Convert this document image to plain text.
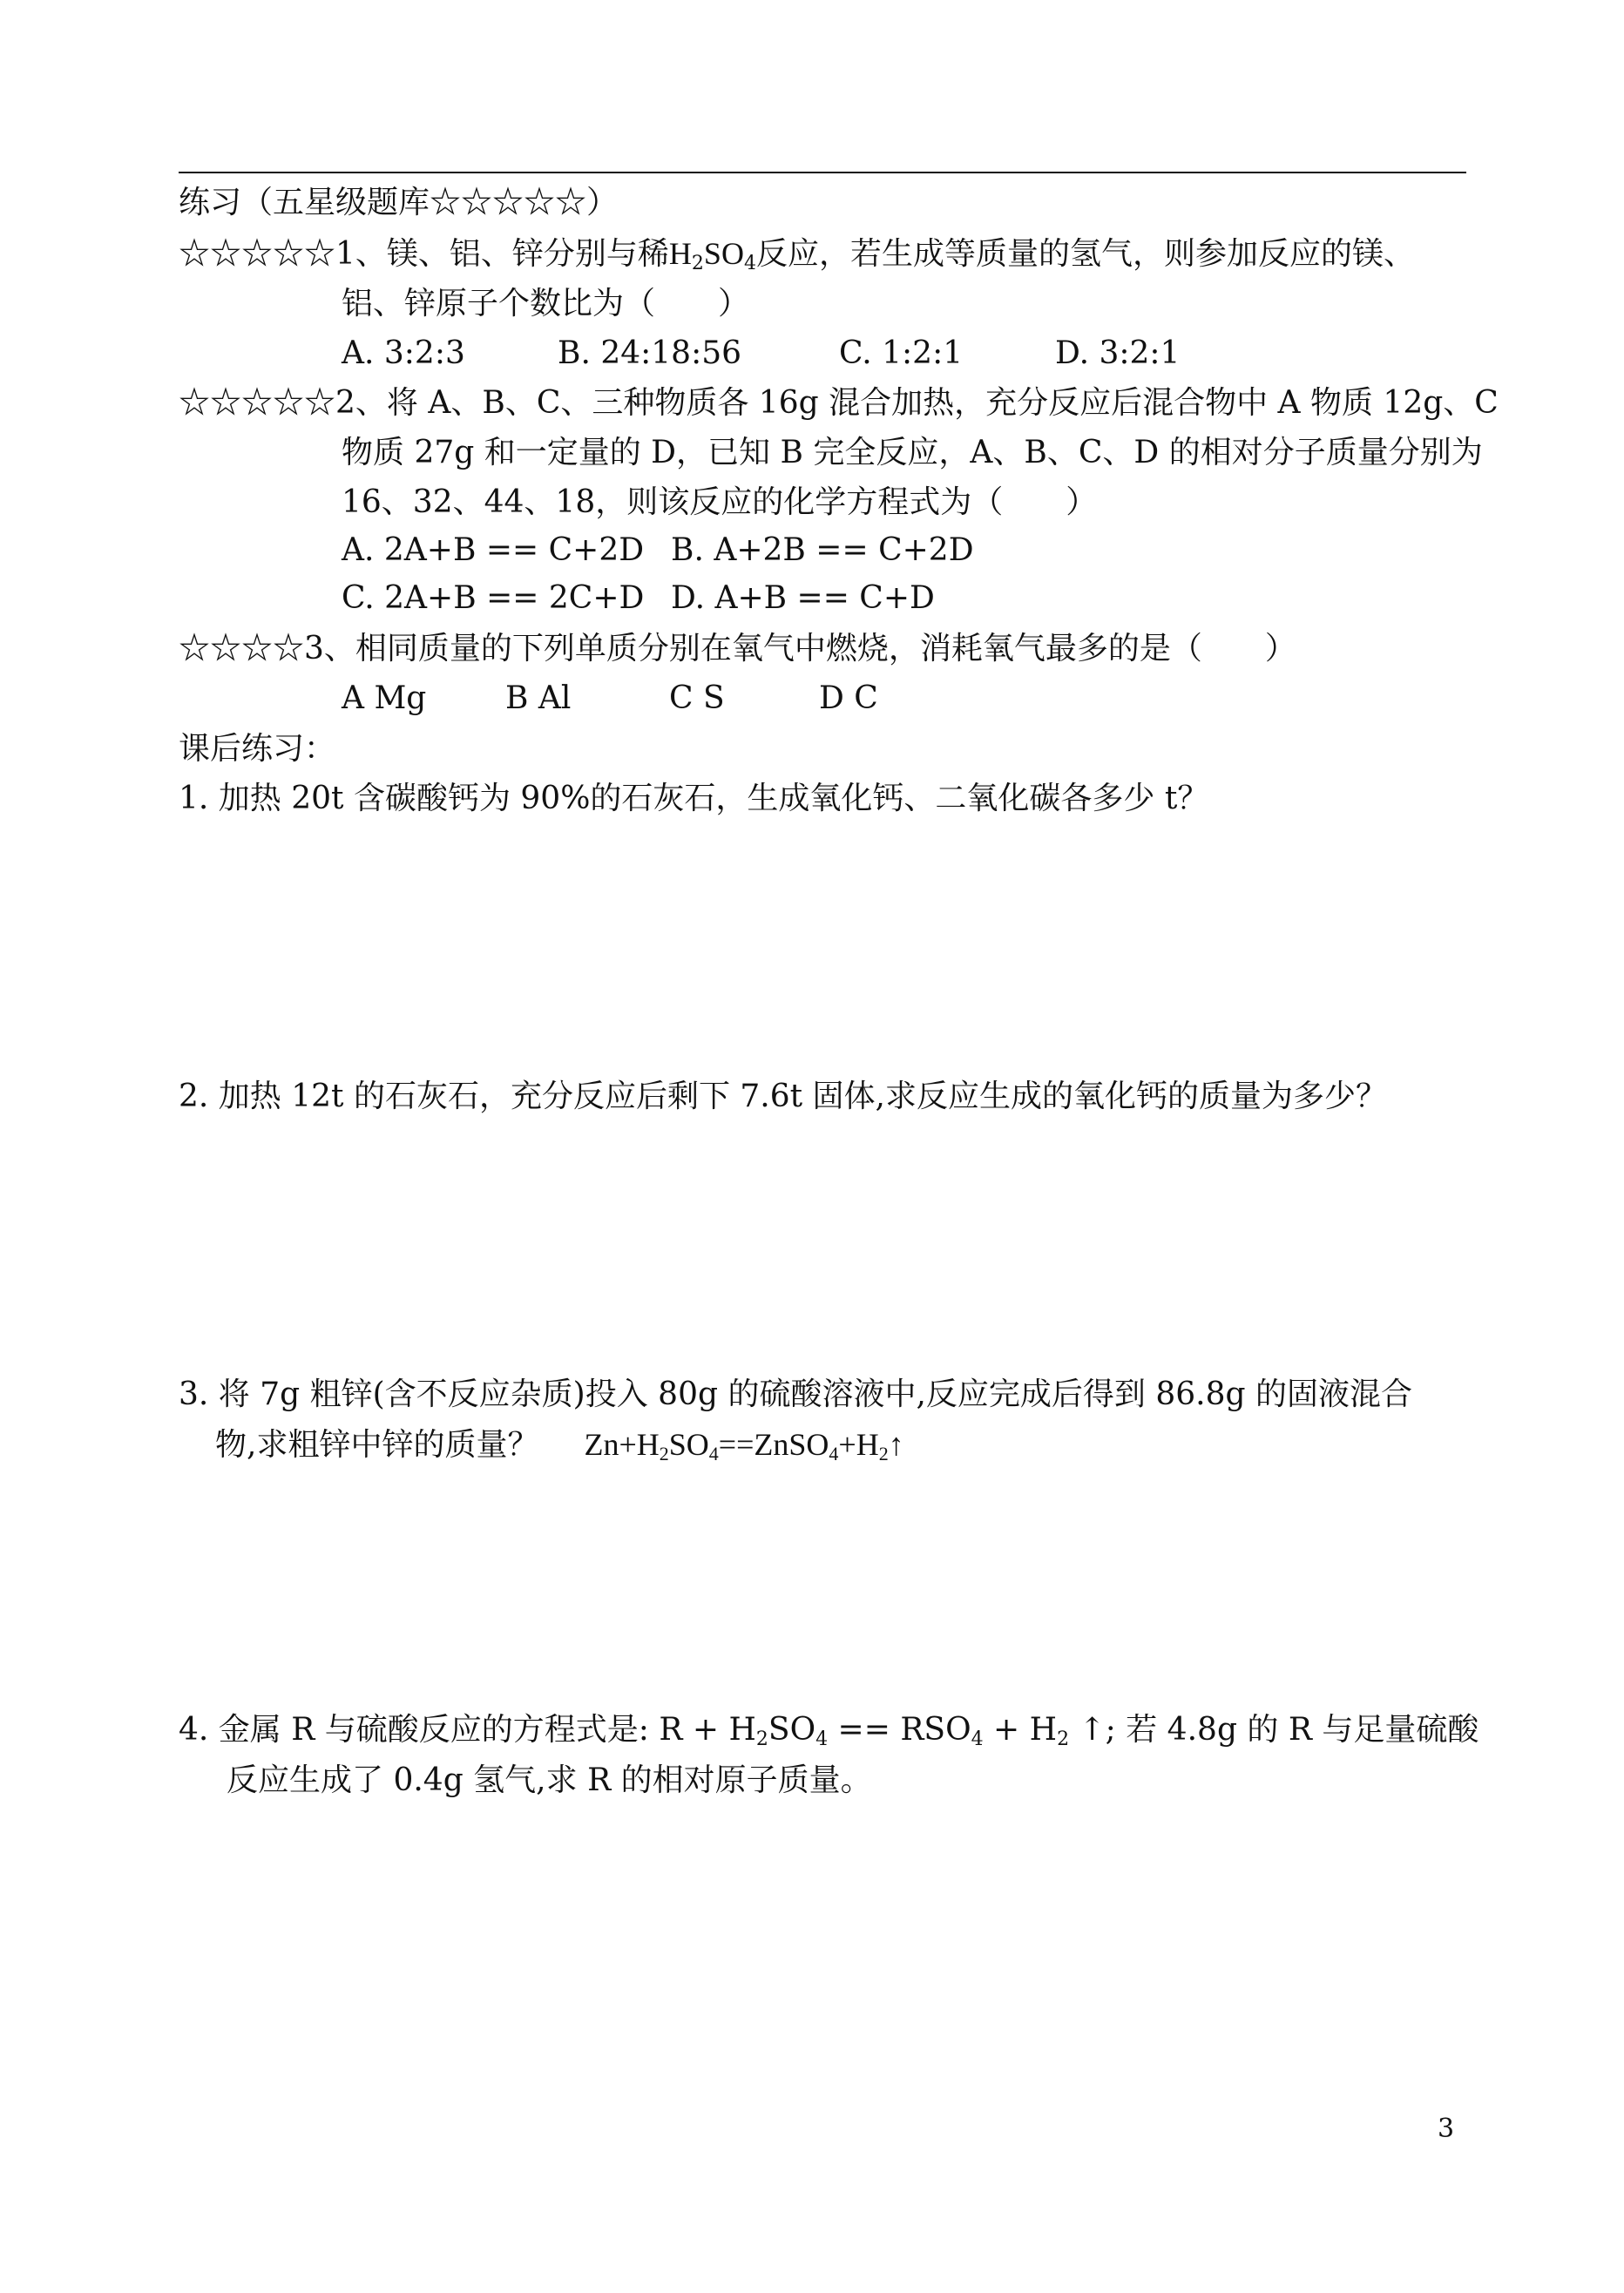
练习（五星级题库☆☆☆☆☆）
☆☆☆☆☆1、镁、铝、锌分别与稀$H_2SO_4$反应，若生成等质量的氢气，则参加反应的镁、
铝、锌原子个数比为（　　）
A. 3:2:3	B. 24:18:56	C. 1:2:1	D. 3:2:1
☆☆☆☆☆2、将 A、B、C、三种物质各 16g 混合加热，充分反应后混合物中 A 物质 12g、C
物质 27g 和一定量的 D，已知 B 完全反应，A、B、C、D 的相对分子质量分别为
16、32、44、18，则该反应的化学方程式为（　　）
A. 2A+B == C+2D B. A+2B == C+2D
C. 2A+B == 2C+D D. A+B == C+D
☆☆☆☆3、相同质量的下列单质分别在氧气中燃烧，消耗氧气最多的是（　　）
A Mg	B Al	C S	D C
课后练习：
1. 加热 20t 含碳酸钙为 90%的石灰石，生成氧化钙、二氧化碳各多少 t？
2. 加热 12t 的石灰石，充分反应后剩下 7.6t 固体,求反应生成的氧化钙的质量为多少？
3. 将 7g 粗锌(含不反应杂质)投入 80g 的硫酸溶液中,反应完成后得到 86.8g 的固液混合
物,求粗锌中锌的质量？ $Zn+H_2SO_4==ZnSO_4+H_2↑$
4. 金属 R 与硫酸反应的方程式是: $R + H_2SO_4 == RSO_4 + H_2$ ↑; 若 4.8g 的 R 与足量硫酸
反应生成了 0.4g 氢气,求 R 的相对原子质量。
3
